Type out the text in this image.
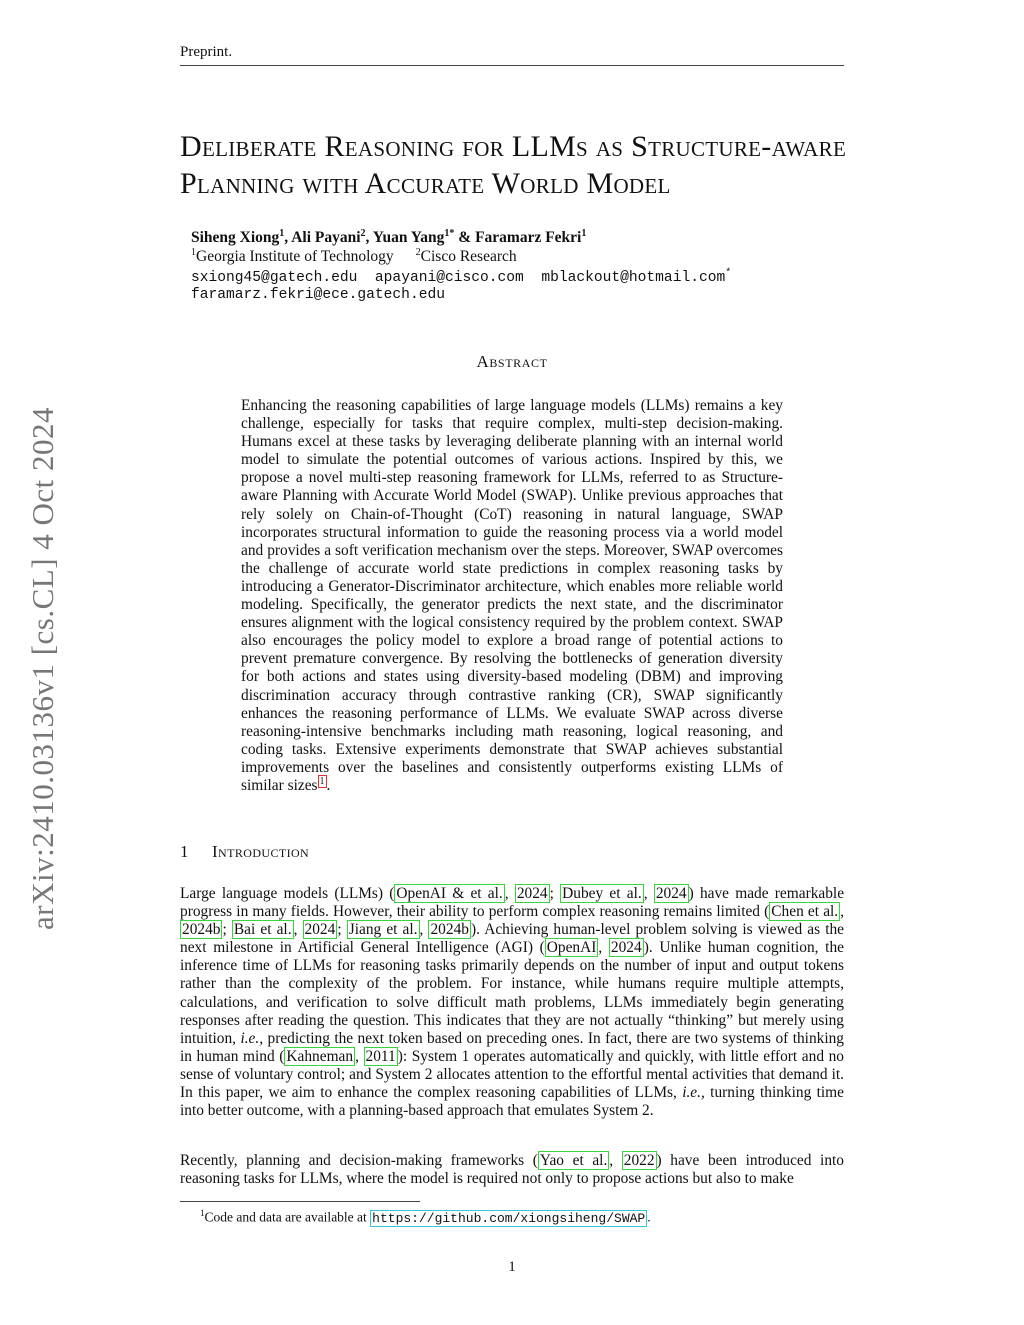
Preprint.
Deliberate Reasoning for LLMs as Structure-aware Planning with Accurate World Model
Siheng Xiong$^1$, Ali Payani$^2$, Yuan Yang$^{1*}$ & Faramarz Fekri$^1$
$^1$Georgia Institute of Technology $^2$Cisco Research
sxiong45@gatech.edu apayani@cisco.com mblackout@hotmail.com*
faramarz.fekri@ece.gatech.edu
arXiv:2410.03136v1 [cs.CL] 4 Oct 2024
Abstract
Enhancing the reasoning capabilities of large language models (LLMs) remains a key challenge, especially for tasks that require complex, multi-step decision-making. Humans excel at these tasks by leveraging deliberate planning with an internal world model to simulate the potential outcomes of various actions. Inspired by this, we propose a novel multi-step reasoning framework for LLMs, referred to as Structure-aware Planning with Accurate World Model (SWAP). Unlike previous approaches that rely solely on Chain-of-Thought (CoT) reasoning in natural language, SWAP incorporates structural information to guide the reasoning process via a world model and provides a soft verification mechanism over the steps. Moreover, SWAP overcomes the challenge of accurate world state predictions in complex reasoning tasks by introducing a Generator-Discriminator architecture, which enables more reliable world modeling. Specifically, the generator predicts the next state, and the discriminator ensures alignment with the logical consistency required by the problem context. SWAP also encourages the policy model to explore a broad range of potential actions to prevent premature convergence. By resolving the bottlenecks of generation diversity for both actions and states using diversity-based modeling (DBM) and improving discrimination accuracy through contrastive ranking (CR), SWAP significantly enhances the reasoning performance of LLMs. We evaluate SWAP across diverse reasoning-intensive benchmarks including math reasoning, logical reasoning, and coding tasks. Extensive experiments demonstrate that SWAP achieves substantial improvements over the baselines and consistently outperforms existing LLMs of similar sizes $^1$ .
1 Introduction

Large language models (LLMs) ( OpenAI & et al. , 2024 ; Dubey et al. , 2024 ) have made remarkable progress in many fields. However, their ability to perform complex reasoning remains limited ( Chen et al. , 2024b ; Bai et al. , 2024 ; Jiang et al. , 2024b ). Achieving human-level problem solving is viewed as the next milestone in Artificial General Intelligence (AGI) ( OpenAI , 2024 ). Unlike human cognition, the inference time of LLMs for reasoning tasks primarily depends on the number of input and output tokens rather than the complexity of the problem. For instance, while humans require multiple attempts, calculations, and verification to solve difficult math problems, LLMs immediately begin generating responses after reading the question. This indicates that they are not actually “thinking” but merely using intuition, i.e., predicting the next token based on preceding ones. In fact, there are two systems of thinking in human mind ( Kahneman , 2011 ): System 1 operates automatically and quickly, with little effort and no sense of voluntary control; and System 2 allocates attention to the effortful mental activities that demand it. In this paper, we aim to enhance the complex reasoning capabilities of LLMs, i.e., turning thinking time into better outcome, with a planning-based approach that emulates System 2.

Recently, planning and decision-making frameworks ( Yao et al. , 2022 ) have been introduced into reasoning tasks for LLMs, where the model is required not only to propose actions but also to make

$^1$Code and data are available at https://github.com/xiongsiheng/SWAP .
1
